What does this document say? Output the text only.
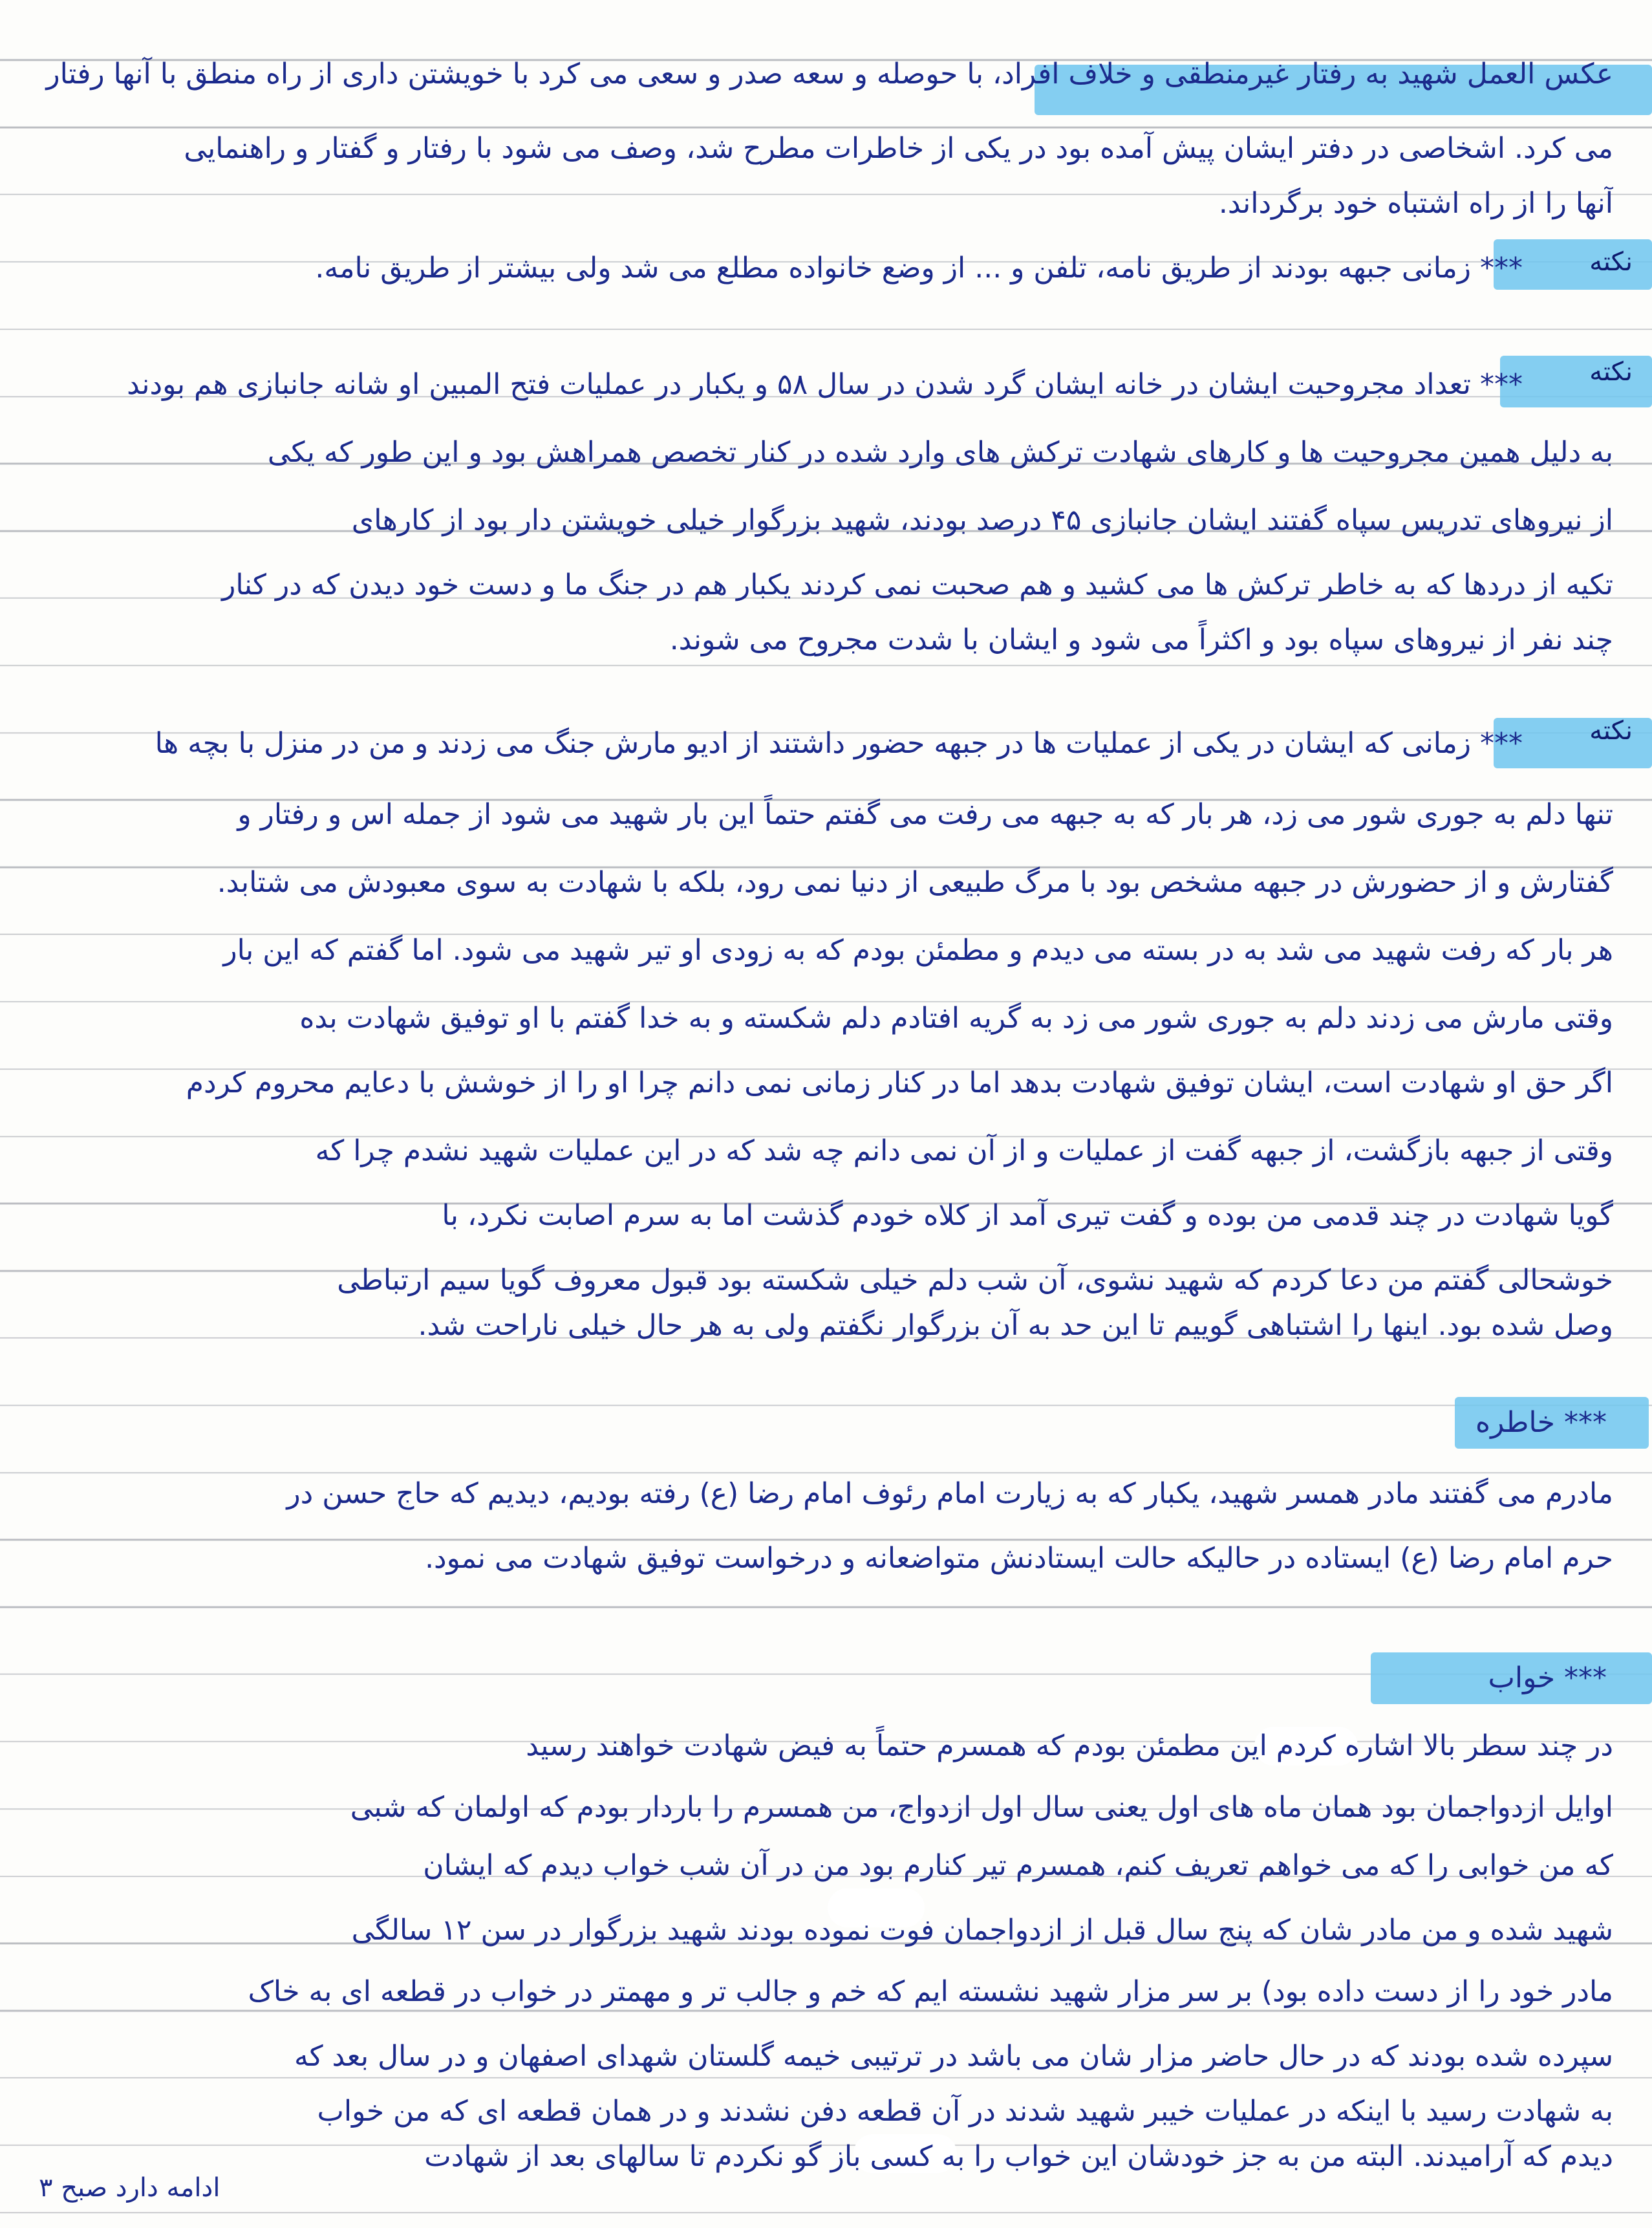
نکته
نکته
نکته
عکس العمل شهید به رفتار غیرمنطقی و خلاف افراد، با حوصله و سعه صدر و سعی می کرد با خویشتن داری از راه منطق با آنها رفتار
می کرد. اشخاصی در دفتر ایشان پیش آمده بود در یکی از خاطرات مطرح شد، وصف می شود با رفتار و گفتار و راهنمایی
آنها را از راه اشتباه خود برگرداند.
*** زمانی جبهه بودند از طریق نامه، تلفن و ... از وضع خانواده مطلع می شد ولی بیشتر از طریق نامه.
*** تعداد مجروحیت ایشان در خانه ایشان گرد شدن در سال ۵۸ و یکبار در عملیات فتح المبین او شانه جانبازی هم بودند
به دلیل همین مجروحیت ها و کارهای شهادت ترکش های وارد شده در کنار تخصص همراهش بود و این طور که یکی
از نیروهای تدریس سپاه گفتند ایشان جانبازی ۴۵ درصد بودند، شهید بزرگوار خیلی خویشتن دار بود از کارهای
تکیه از دردها که به خاطر ترکش ها می کشید و هم صحبت نمی کردند یکبار هم در جنگ ما و دست خود دیدن که در کنار
چند نفر از نیروهای سپاه بود و اکثراً می شود و ایشان با شدت مجروح می شوند.
*** زمانی که ایشان در یکی از عملیات ها در جبهه حضور داشتند از ادیو مارش جنگ می زدند و من در منزل با بچه ها
تنها دلم به جوری شور می زد، هر بار که به جبهه می رفت می گفتم حتماً این بار شهید می شود از جمله اس و رفتار و
گفتارش و از حضورش در جبهه مشخص بود با مرگ طبیعی از دنیا نمی رود، بلکه با شهادت به سوی معبودش می شتابد.
هر بار که رفت شهید می شد به در بسته می دیدم و مطمئن بودم که به زودی او تیر شهید می شود. اما گفتم که این بار
وقتی مارش می زدند دلم به جوری شور می زد به گریه افتادم دلم شکسته و به خدا گفتم با او توفیق شهادت بده
اگر حق او شهادت است، ایشان توفیق شهادت بدهد اما در کنار زمانی نمی دانم چرا او را از خوشش با دعایم محروم کردم
وقتی از جبهه بازگشت، از جبهه گفت از عملیات و از آن نمی دانم چه شد که در این عملیات شهید نشدم چرا که
گویا شهادت در چند قدمی من بوده و گفت تیری آمد از کلاه خودم گذشت اما به سرم اصابت نکرد، با
خوشحالی گفتم من دعا کردم که شهید نشوی، آن شب دلم خیلی شکسته بود قبول معروف گویا سیم ارتباطی
وصل شده بود. اینها را اشتباهی گوییم تا این حد به آن بزرگوار نگفتم ولی به هر حال خیلی ناراحت شد.
*** خاطره
مادرم می گفتند مادر همسر شهید، یکبار که به زیارت امام رئوف امام رضا (ع) رفته بودیم، دیدیم که حاج حسن در
حرم امام رضا (ع) ایستاده در حالیکه حالت ایستادنش متواضعانه و درخواست توفیق شهادت می نمود.
*** خواب
در چند سطر بالا اشاره کردم این مطمئن بودم که همسرم حتماً به فیض شهادت خواهند رسید
اوایل ازدواجمان بود همان ماه های اول یعنی سال اول ازدواج، من همسرم را باردار بودم که اولمان که شبی
که من خوابی را که می خواهم تعریف کنم، همسرم تیر کنارم بود من در آن شب خواب دیدم که ایشان
شهید شده و من مادر شان که پنج سال قبل از ازدواجمان فوت نموده بودند شهید بزرگوار در سن ۱۲ سالگی
مادر خود را از دست داده بود) بر سر مزار شهید نشسته ایم که خم و جالب تر و مهمتر در خواب در قطعه ای به خاک
سپرده شده بودند که در حال حاضر مزار شان می باشد در ترتیبی خیمه گلستان شهدای اصفهان و در سال بعد که
به شهادت رسید با اینکه در عملیات خیبر شهید شدند در آن قطعه دفن نشدند و در همان قطعه ای که من خواب
دیدم که آرامیدند. البته من به جز خودشان این خواب را به کسی باز گو نکردم تا سالهای بعد از شهادت
ادامه دارد صبح ۳
